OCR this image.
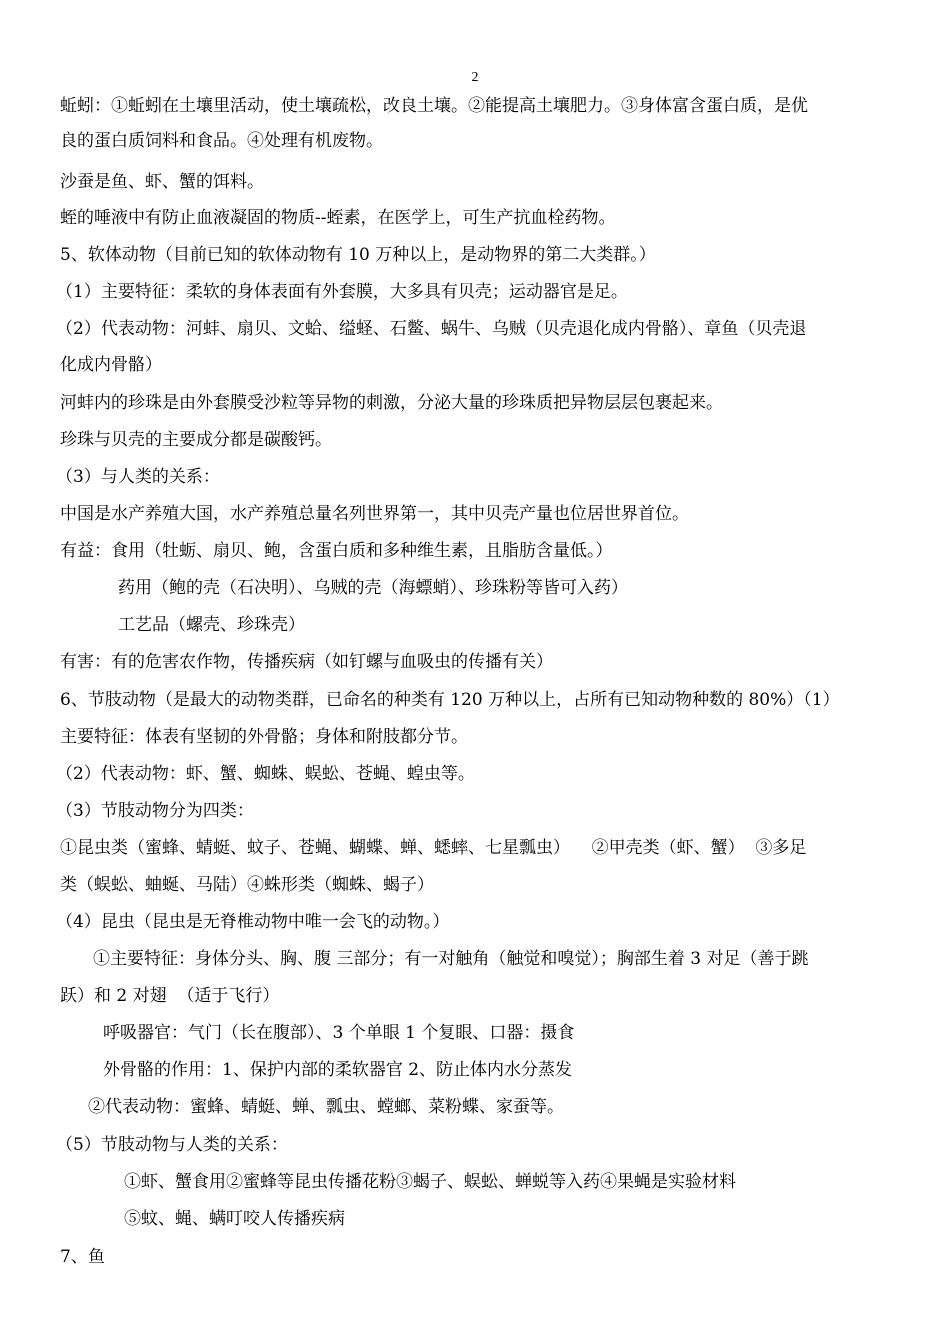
2
蚯蚓：①蚯蚓在土壤里活动，使土壤疏松，改良土壤。②能提高土壤肥力。③身体富含蛋白质，是优
良的蛋白质饲料和食品。④处理有机废物。
沙蚕是鱼、虾、蟹的饵料。
蛭的唾液中有防止血液凝固的物质--蛭素，在医学上，可生产抗血栓药物。
5、软体动物（目前已知的软体动物有 10 万种以上，是动物界的第二大类群。）
（1）主要特征：柔软的身体表面有外套膜，大多具有贝壳；运动器官是足。
（2）代表动物：河蚌、扇贝、文蛤、缢蛏、石鳖、蜗牛、乌贼（贝壳退化成内骨骼）、章鱼（贝壳退
化成内骨骼）
河蚌内的珍珠是由外套膜受沙粒等异物的刺激，分泌大量的珍珠质把异物层层包裹起来。
珍珠与贝壳的主要成分都是碳酸钙。
（3）与人类的关系：
中国是水产养殖大国，水产养殖总量名列世界第一，其中贝壳产量也位居世界首位。
有益：食用（牡蛎、扇贝、鲍，含蛋白质和多种维生素，且脂肪含量低。）
药用（鲍的壳（石决明）、乌贼的壳（海螵蛸）、珍珠粉等皆可入药）
工艺品（螺壳、珍珠壳）
有害：有的危害农作物，传播疾病（如钉螺与血吸虫的传播有关）
6、节肢动物（是最大的动物类群，已命名的种类有 120 万种以上，占所有已知动物种数的 80%）（1）
主要特征：体表有坚韧的外骨骼；身体和附肢都分节。
（2）代表动物：虾、蟹、蜘蛛、蜈蚣、苍蝇、蝗虫等。
（3）节肢动物分为四类：
①昆虫类（蜜蜂、蜻蜓、蚊子、苍蝇、蝴蝶、蝉、蟋蟀、七星瓢虫）    ②甲壳类（虾、蟹）  ③多足
类（蜈蚣、蚰蜒、马陆）④蛛形类（蜘蛛、蝎子）
（4）昆虫（昆虫是无脊椎动物中唯一会飞的动物。）
①主要特征：身体分头、胸、腹 三部分；有一对触角（触觉和嗅觉）；胸部生着 3 对足（善于跳
跃）和 2 对翅  （适于飞行）
呼吸器官：气门（长在腹部）、3 个单眼 1 个复眼、口器：摄食
外骨骼的作用：1、保护内部的柔软器官 2、防止体内水分蒸发
②代表动物：蜜蜂、蜻蜓、蝉、瓢虫、螳螂、菜粉蝶、家蚕等。
（5）节肢动物与人类的关系：
①虾、蟹食用②蜜蜂等昆虫传播花粉③蝎子、蜈蚣、蝉蜕等入药④果蝇是实验材料
⑤蚊、蝇、螨叮咬人传播疾病
7、鱼
